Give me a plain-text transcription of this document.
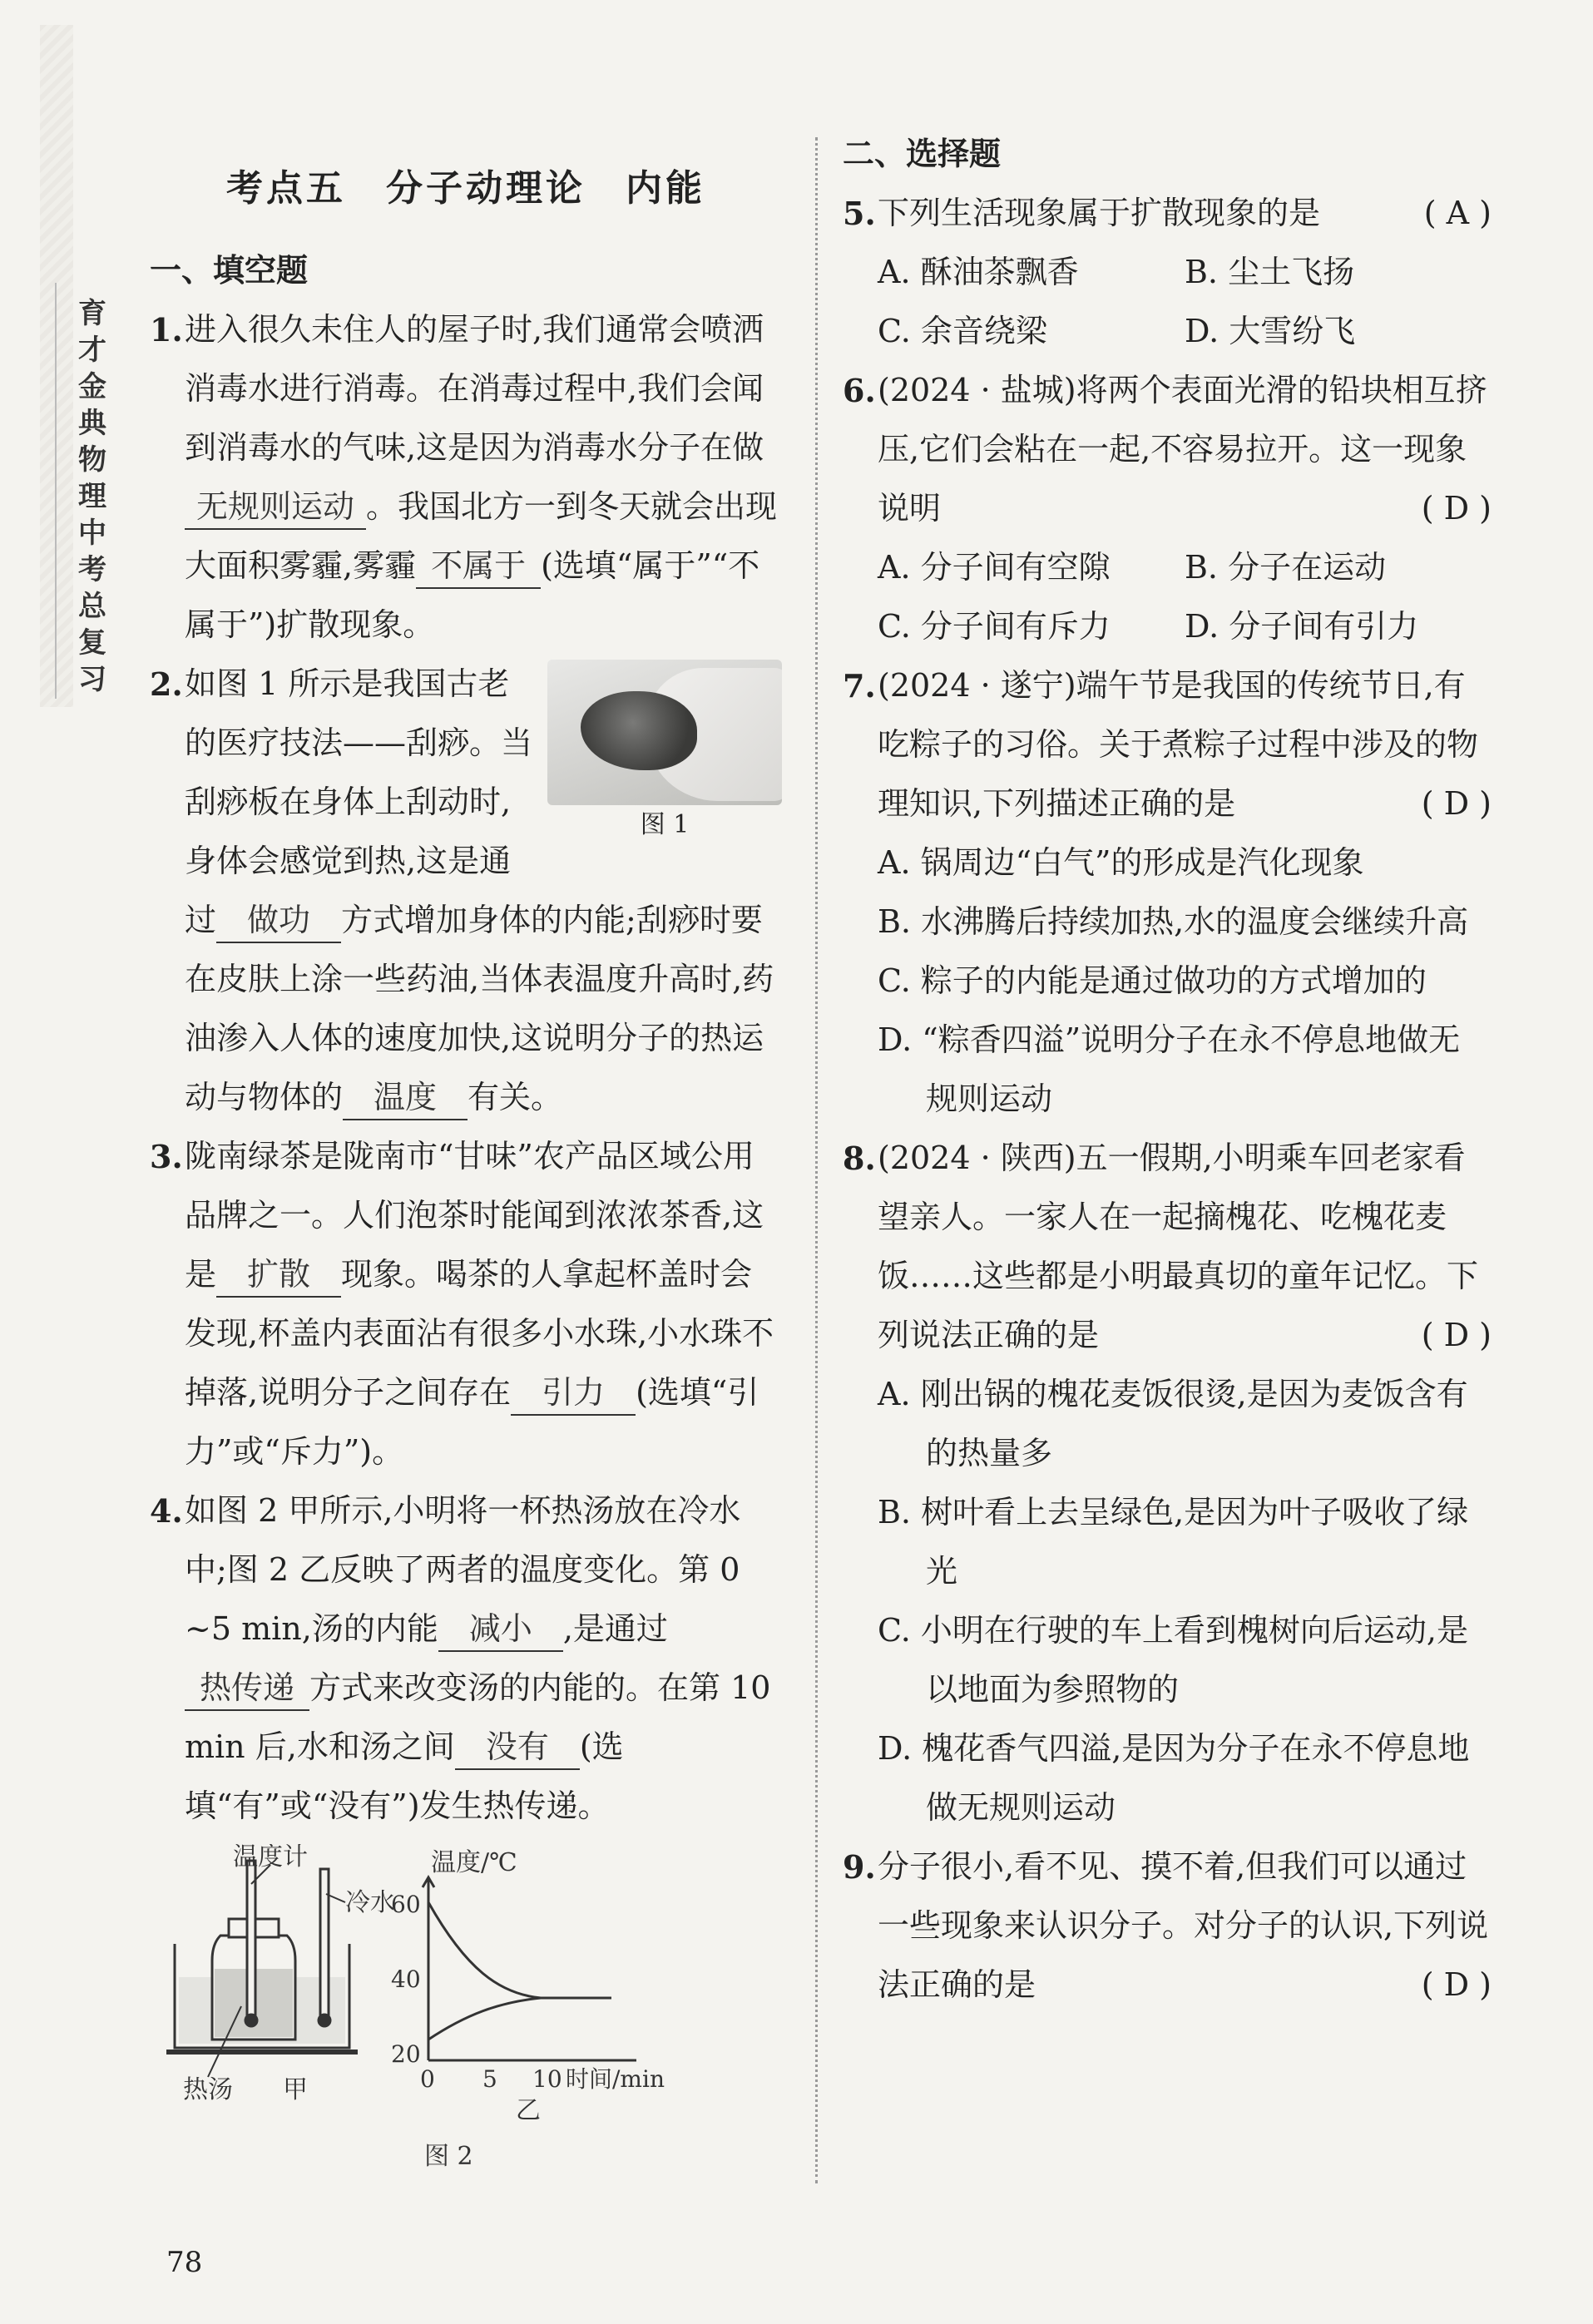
育才金典 物理中考总复习
考点五　分子动理论　内能
一、填空题
1. 进入很久未住人的屋子时,我们通常会喷洒消毒水进行消毒。在消毒过程中,我们会闻到消毒水的气味,这是因为消毒水分子在做无规则运动 。我国北方一到冬天就会出现大面积雾霾,雾霾 不属于 (选填“属于”“不属于”)扩散现象。
2.
图 1
如图 1 所示是我国古老的医疗技法——刮痧。当刮痧板在身体上刮动时,身体会感觉到热,这是通过 做功 方式增加身体的内能;刮痧时要在皮肤上涂一些药油,当体表温度升高时,药油渗入人体的速度加快,这说明分子的热运动与物体的 温度 有关。
3. 陇南绿茶是陇南市“甘味”农产品区域公用品牌之一。人们泡茶时能闻到浓浓茶香,这是 扩散 现象。喝茶的人拿起杯盖时会发现,杯盖内表面沾有很多小水珠,小水珠不掉落,说明分子之间存在 引力 (选填“引力”或“斥力”)。
4. 如图 2 甲所示,小明将一杯热汤放在冷水中;图 2 乙反映了两者的温度变化。第 0 ~5 min,汤的内能 减小 ,是通过热传递 方式来改变汤的内能的。在第 10 min 后,水和汤之间 没有 (选填“有”或“没有”)发生热传递。
温度计
冷水
热汤 甲
温度/℃
60
40
20
0 5 10 时间/min
乙
图 2
二、选择题
5. 下列生活现象属于扩散现象的是	( A )
A. 酥油茶飘香	B. 尘土飞扬
C. 余音绕梁	D. 大雪纷飞
6. (2024 · 盐城)将两个表面光滑的铅块相互挤压,它们会粘在一起,不容易拉开。这一现象说明	( D )
A. 分子间有空隙	B. 分子在运动
C. 分子间有斥力	D. 分子间有引力
7. (2024 · 遂宁)端午节是我国的传统节日,有吃粽子的习俗。关于煮粽子过程中涉及的物理知识,下列描述正确的是	( D )
A. 锅周边“白气”的形成是汽化现象
B. 水沸腾后持续加热,水的温度会继续升高
C. 粽子的内能是通过做功的方式增加的
D. “粽香四溢”说明分子在永不停息地做无规则运动
8. (2024 · 陕西)五一假期,小明乘车回老家看望亲人。一家人在一起摘槐花、吃槐花麦饭……这些都是小明最真切的童年记忆。下列说法正确的是	( D )
A. 刚出锅的槐花麦饭很烫,是因为麦饭含有的热量多
B. 树叶看上去呈绿色,是因为叶子吸收了绿光
C. 小明在行驶的车上看到槐树向后运动,是以地面为参照物的
D. 槐花香气四溢,是因为分子在永不停息地做无规则运动
9. 分子很小,看不见、摸不着,但我们可以通过一些现象来认识分子。对分子的认识,下列说法正确的是	( D )
78
